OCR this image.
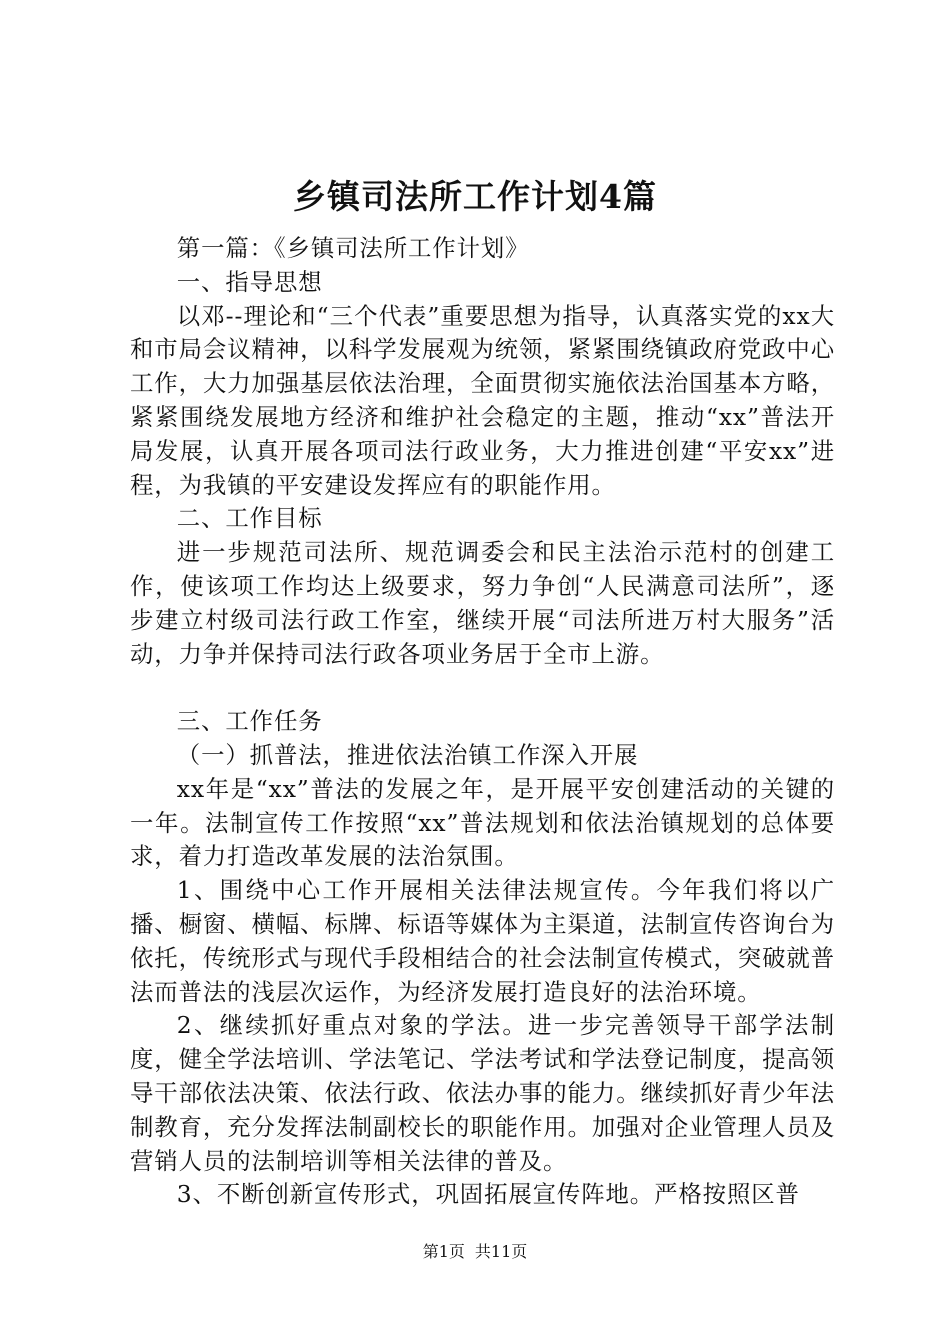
乡镇司法所工作计划4篇

第一篇：《乡镇司法所工作计划》

一、指导思想

以邓--理论和“三个代表”重要思想为指导，认真落实党的xx大和市局会议精神，以科学发展观为统领，紧紧围绕镇政府党政中心工作，大力加强基层依法治理，全面贯彻实施依法治国基本方略，紧紧围绕发展地方经济和维护社会稳定的主题，推动“xx”普法开局发展，认真开展各项司法行政业务，大力推进创建“平安xx”进程，为我镇的平安建设发挥应有的职能作用。

二、工作目标

进一步规范司法所、规范调委会和民主法治示范村的创建工作，使该项工作均达上级要求，努力争创“人民满意司法所”，逐步建立村级司法行政工作室，继续开展“司法所进万村大服务”活动，力争并保持司法行政各项业务居于全市上游。

三、工作任务

（一）抓普法，推进依法治镇工作深入开展

xx年是“xx”普法的发展之年，是开展平安创建活动的关键的一年。法制宣传工作按照“xx”普法规划和依法治镇规划的总体要求，着力打造改革发展的法治氛围。

1、围绕中心工作开展相关法律法规宣传。今年我们将以广播、橱窗、横幅、标牌、标语等媒体为主渠道，法制宣传咨询台为依托，传统形式与现代手段相结合的社会法制宣传模式，突破就普法而普法的浅层次运作，为经济发展打造良好的法治环境。

2、继续抓好重点对象的学法。进一步完善领导干部学法制度，健全学法培训、学法笔记、学法考试和学法登记制度，提高领导干部依法决策、依法行政、依法办事的能力。继续抓好青少年法制教育，充分发挥法制副校长的职能作用。加强对企业管理人员及营销人员的法制培训等相关法律的普及。

3、不断创新宣传形式，巩固拓展宣传阵地。严格按照区普

第1页 共11页
